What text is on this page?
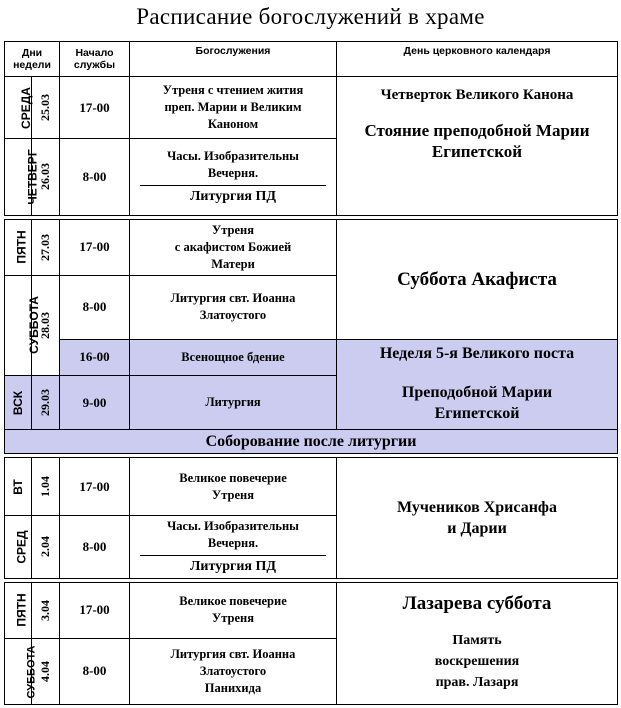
Расписание богослужений в храме
Дни
недели		Начало
службы	Богослужения	День церковного календаря
СРЕДА	25.03	17-00	Утреня с чтением жития
преп. Марии и Великим
Каноном	Четверток Великого Канона
Стояние преподобной Марии Египетской

ЧЕТВЕРГ	26.03	8-00	Часы. Изобразительны
Вечерня.
Литургия ПД	

ПЯТН	27.03	17-00	Утреня
с акафистом Божией
Матери	Суббота Акафиста
СУББОТА	28.03	8-00	Литургия свт. Иоанна
Златоустого	

		16-00	Всенощное бдение	Неделя 5-я Великого поста
Преподобной Марии Египетской

ВСК	29.03	9-00	Литургия	
Соборование после литургии				

ВТ	1.04	17-00	Великое повечерие
Утреня	Мучеников Хрисанфа и Дарии
СРЕД	2.04	8-00	Часы. Изобразительны
Вечерня.
Литургия ПД	

ПЯТН	3.04	17-00	Великое повечерие
Утреня	Лазарева суббота
Память воскрешения прав. Лазаря

СУББОТА	4.04	8-00	Литургия свт. Иоанна
Златоустого
Панихида	
